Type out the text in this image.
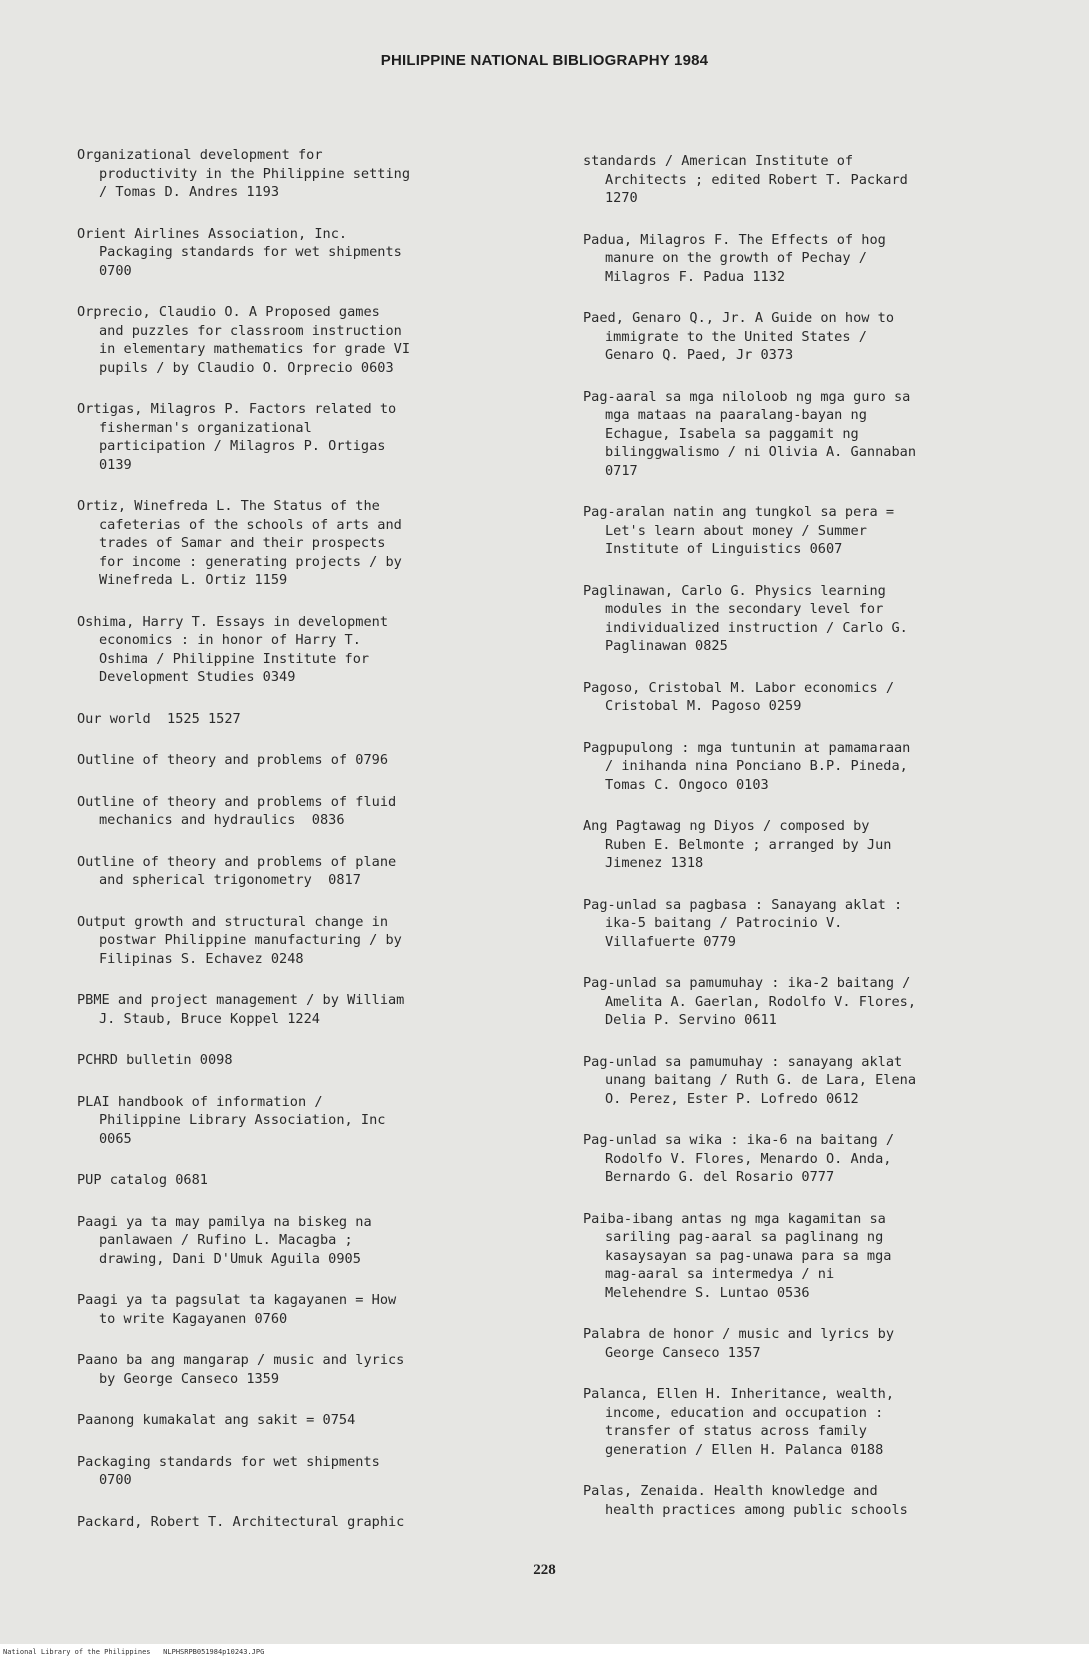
PHILIPPINE NATIONAL BIBLIOGRAPHY 1984
Organizational development for
productivity in the Philippine setting
/ Tomas D. Andres 1193
Orient Airlines Association, Inc.
Packaging standards for wet shipments
0700
Orprecio, Claudio O. A Proposed games
and puzzles for classroom instruction
in elementary mathematics for grade VI
pupils / by Claudio O. Orprecio 0603
Ortigas, Milagros P. Factors related to
fisherman's organizational
participation / Milagros P. Ortigas
0139
Ortiz, Winefreda L. The Status of the
cafeterias of the schools of arts and
trades of Samar and their prospects
for income : generating projects / by
Winefreda L. Ortiz 1159
Oshima, Harry T. Essays in development
economics : in honor of Harry T.
Oshima / Philippine Institute for
Development Studies 0349
Our world  1525 1527
Outline of theory and problems of 0796
Outline of theory and problems of fluid
mechanics and hydraulics  0836
Outline of theory and problems of plane
and spherical trigonometry  0817
Output growth and structural change in
postwar Philippine manufacturing / by
Filipinas S. Echavez 0248
PBME and project management / by William
J. Staub, Bruce Koppel 1224
PCHRD bulletin 0098
PLAI handbook of information /
Philippine Library Association, Inc
0065
PUP catalog 0681
Paagi ya ta may pamilya na biskeg na
panlawaen / Rufino L. Macagba ;
drawing, Dani D'Umuk Aguila 0905
Paagi ya ta pagsulat ta kagayanen = How
to write Kagayanen 0760
Paano ba ang mangarap / music and lyrics
by George Canseco 1359
Paanong kumakalat ang sakit = 0754
Packaging standards for wet shipments
0700
Packard, Robert T. Architectural graphic
standards / American Institute of
Architects ; edited Robert T. Packard
1270
Padua, Milagros F. The Effects of hog
manure on the growth of Pechay /
Milagros F. Padua 1132
Paed, Genaro Q., Jr. A Guide on how to
immigrate to the United States /
Genaro Q. Paed, Jr 0373
Pag-aaral sa mga niloloob ng mga guro sa
mga mataas na paaralang-bayan ng
Echague, Isabela sa paggamit ng
bilinggwalismo / ni Olivia A. Gannaban
0717
Pag-aralan natin ang tungkol sa pera =
Let's learn about money / Summer
Institute of Linguistics 0607
Paglinawan, Carlo G. Physics learning
modules in the secondary level for
individualized instruction / Carlo G.
Paglinawan 0825
Pagoso, Cristobal M. Labor economics /
Cristobal M. Pagoso 0259
Pagpupulong : mga tuntunin at pamamaraan
/ inihanda nina Ponciano B.P. Pineda,
Tomas C. Ongoco 0103
Ang Pagtawag ng Diyos / composed by
Ruben E. Belmonte ; arranged by Jun
Jimenez 1318
Pag-unlad sa pagbasa : Sanayang aklat :
ika-5 baitang / Patrocinio V.
Villafuerte 0779
Pag-unlad sa pamumuhay : ika-2 baitang /
Amelita A. Gaerlan, Rodolfo V. Flores,
Delia P. Servino 0611
Pag-unlad sa pamumuhay : sanayang aklat
unang baitang / Ruth G. de Lara, Elena
O. Perez, Ester P. Lofredo 0612
Pag-unlad sa wika : ika-6 na baitang /
Rodolfo V. Flores, Menardo O. Anda,
Bernardo G. del Rosario 0777
Paiba-ibang antas ng mga kagamitan sa
sariling pag-aaral sa paglinang ng
kasaysayan sa pag-unawa para sa mga
mag-aaral sa intermedya / ni
Melehendre S. Luntao 0536
Palabra de honor / music and lyrics by
George Canseco 1357
Palanca, Ellen H. Inheritance, wealth,
income, education and occupation :
transfer of status across family
generation / Ellen H. Palanca 0188
Palas, Zenaida. Health knowledge and
health practices among public schools
228
National Library of the Philippines NLPHSRPB051984p10243.JPG
